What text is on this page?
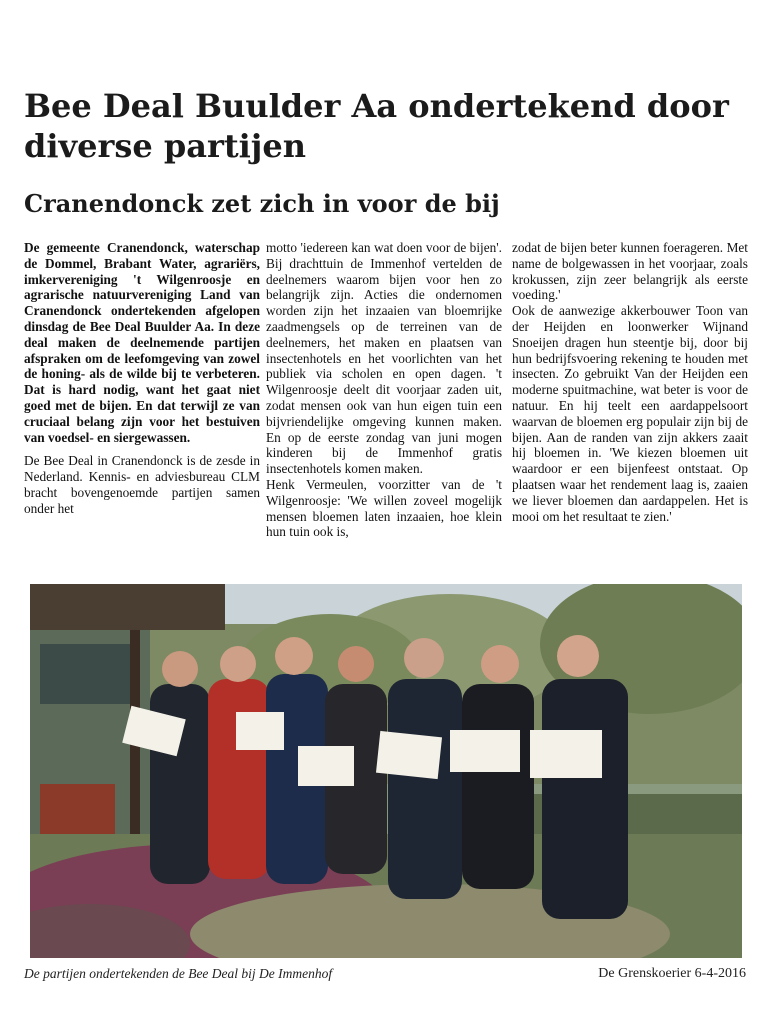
Bee Deal Buulder Aa ondertekend door diverse partijen
Cranendonck zet zich in voor de bij

De gemeente Cranendonck, waterschap de Dommel, Brabant Water, agrariërs, imkervereniging 't Wilgenroosje en agrarische natuurvereniging Land van Cranendonck ondertekenden afgelopen dinsdag de Bee Deal Buulder Aa. In deze deal maken de deelnemende partijen afspraken om de leefomgeving van zowel de honing- als de wilde bij te verbeteren. Dat is hard nodig, want het gaat niet goed met de bijen. En dat terwijl ze van cruciaal belang zijn voor het bestuiven van voedsel- en siergewassen.

De Bee Deal in Cranendonck is de zesde in Nederland. Kennis- en adviesbureau CLM bracht bovengenoemde partijen samen onder het

motto 'iedereen kan wat doen voor de bijen'. Bij drachttuin de Immenhof vertelden de deelnemers waarom bijen voor hen zo belangrijk zijn. Acties die ondernomen worden zijn het inzaaien van bloemrijke zaadmengsels op de terreinen van de deelnemers, het maken en plaatsen van insectenhotels en het voorlichten van het publiek via scholen en open dagen. 't Wilgenroosje deelt dit voorjaar zaden uit, zodat mensen ook van hun eigen tuin een bijvriendelijke omgeving kunnen maken. En op de eerste zondag van juni mogen kinderen bij de Immenhof gratis insectenhotels komen maken.

Henk Vermeulen, voorzitter van de 't Wilgenroosje: 'We willen zoveel mogelijk mensen bloemen laten inzaaien, hoe klein hun tuin ook is,

zodat de bijen beter kunnen foerageren. Met name de bolgewassen in het voorjaar, zoals krokussen, zijn zeer belangrijk als eerste voeding.'

Ook de aanwezige akkerbouwer Toon van der Heijden en loonwerker Wijnand Snoeijen dragen hun steentje bij, door bij hun bedrijfsvoering rekening te houden met insecten. Zo gebruikt Van der Heijden een moderne spuitmachine, wat beter is voor de natuur. En hij teelt een aardappelsoort waarvan de bloemen erg populair zijn bij de bijen. Aan de randen van zijn akkers zaait hij bloemen in. 'We kiezen bloemen uit waardoor er een bijenfeest ontstaat. Op plaatsen waar het rendement laag is, zaaien we liever bloemen dan aardappelen. Het is mooi om het resultaat te zien.'

De partijen ondertekenden de Bee Deal bij De Immenhof	De Grenskoerier 6-4-2016
